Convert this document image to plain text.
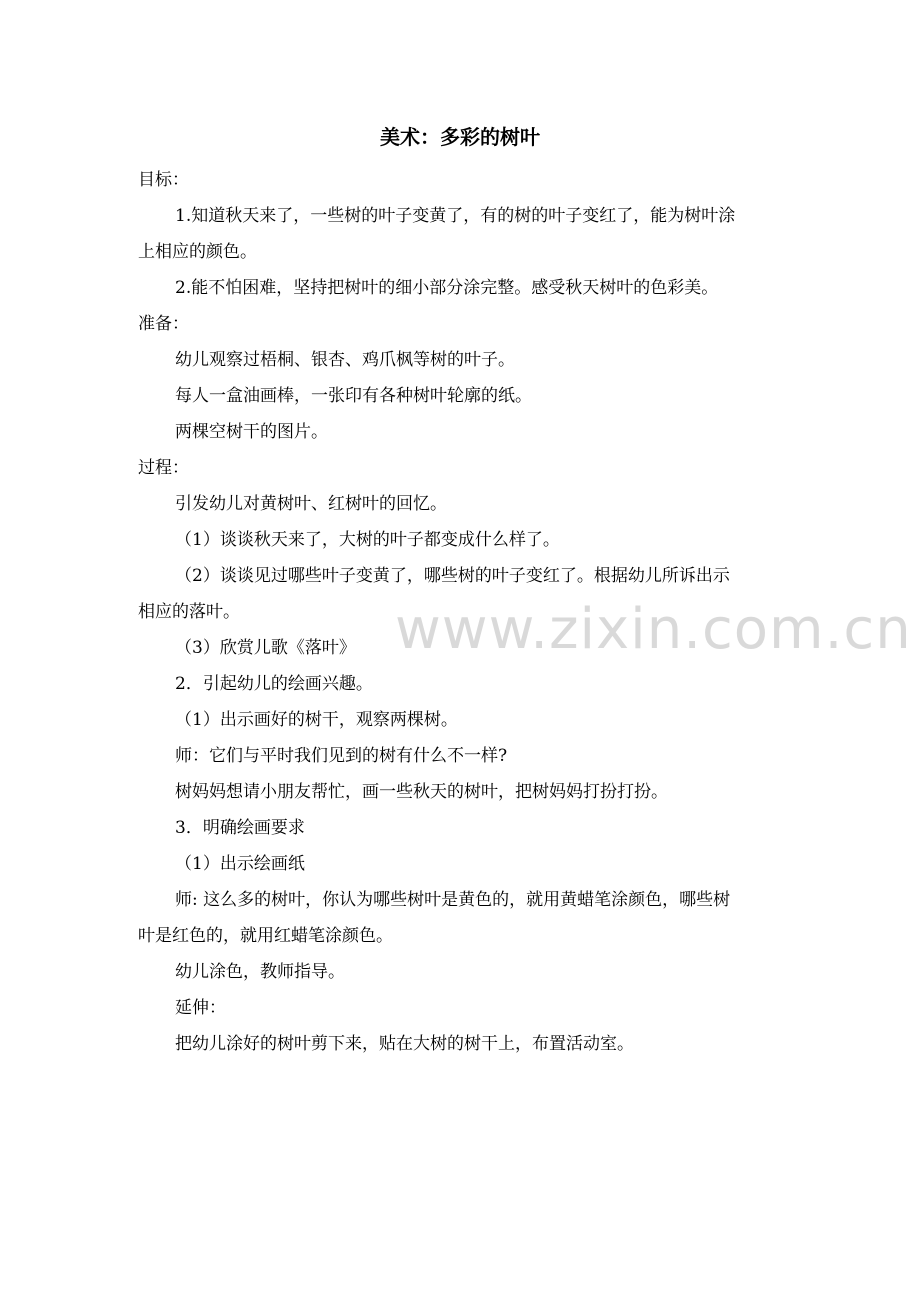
美术：多彩的树叶
目标：
1.知道秋天来了，一些树的叶子变黄了，有的树的叶子变红了，能为树叶涂
上相应的颜色。
2.能不怕困难，坚持把树叶的细小部分涂完整。感受秋天树叶的色彩美。
准备：
幼儿观察过梧桐、银杏、鸡爪枫等树的叶子。
每人一盒油画棒，一张印有各种树叶轮廓的纸。
两棵空树干的图片。
过程：
引发幼儿对黄树叶、红树叶的回忆。
（1）谈谈秋天来了，大树的叶子都变成什么样了。
（2）谈谈见过哪些叶子变黄了，哪些树的叶子变红了。根据幼儿所诉出示
相应的落叶。
（3）欣赏儿歌《落叶》
2．引起幼儿的绘画兴趣。
（1）出示画好的树干，观察两棵树。
师：它们与平时我们见到的树有什么不一样?
树妈妈想请小朋友帮忙，画一些秋天的树叶，把树妈妈打扮打扮。
3．明确绘画要求
（1）出示绘画纸
师: 这么多的树叶，你认为哪些树叶是黄色的，就用黄蜡笔涂颜色，哪些树
叶是红色的，就用红蜡笔涂颜色。
幼儿涂色，教师指导。
延伸：
把幼儿涂好的树叶剪下来，贴在大树的树干上，布置活动室。
www.zixin.com.cn
